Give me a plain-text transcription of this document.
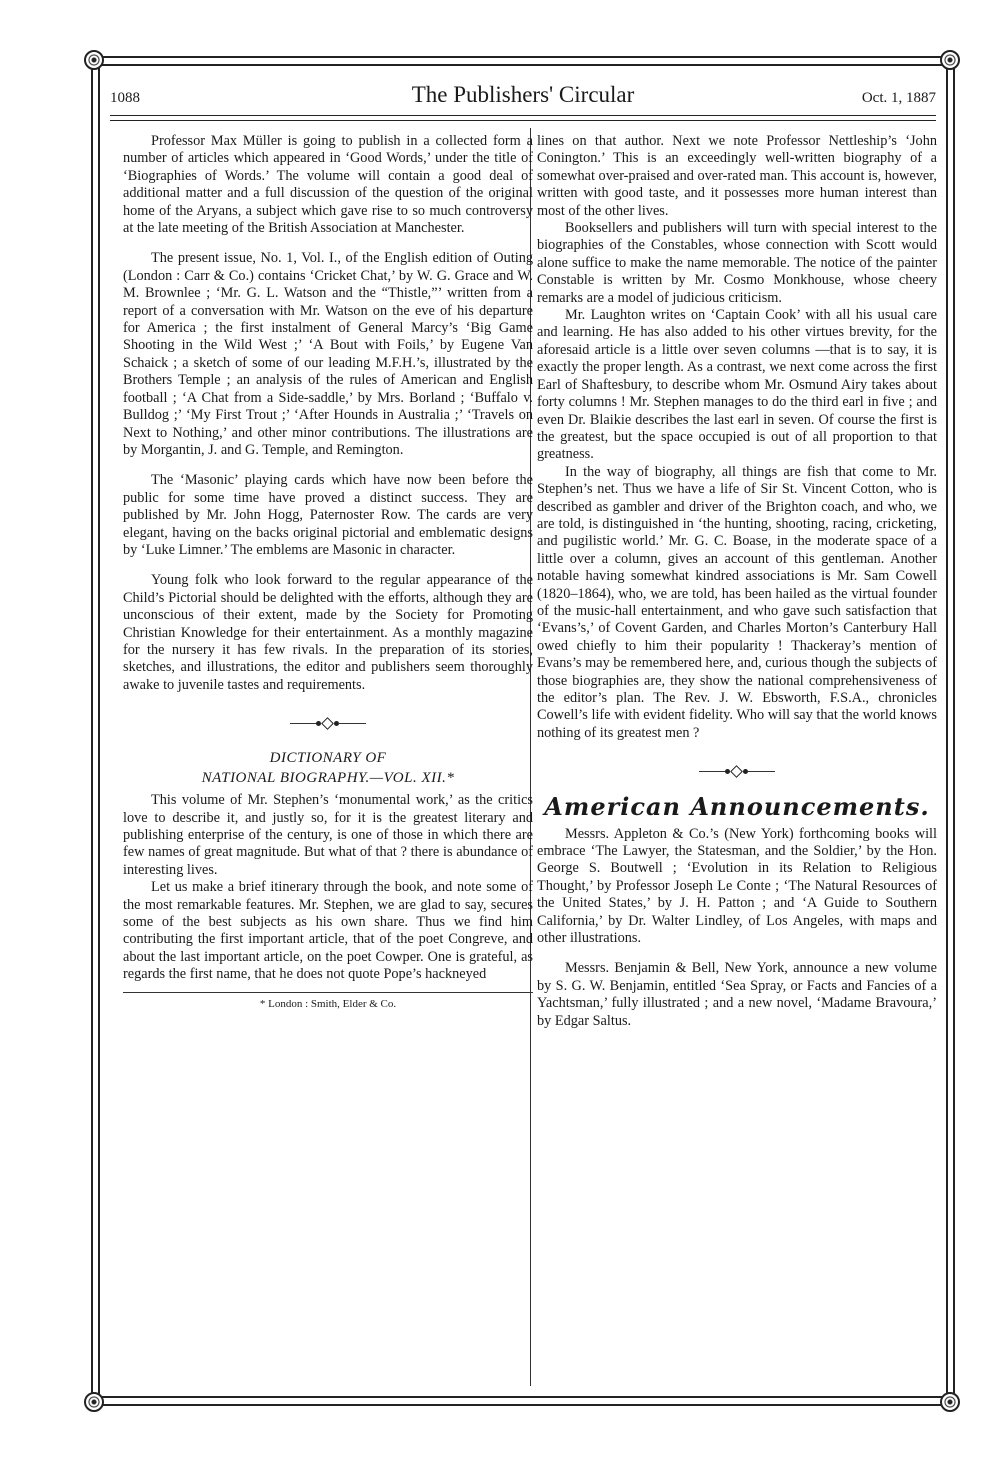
1088	The Publishers' Circular	Oct. 1, 1887

Professor Max Müller is going to publish in a collected form a number of articles which appeared in ‘Good Words,’ under the title of ‘Biographies of Words.’ The volume will contain a good deal of additional matter and a full discussion of the question of the original home of the Aryans, a subject which gave rise to so much controversy at the late meeting of the British Association at Manchester.

The present issue, No. 1, Vol. I., of the English edition of Outing (London : Carr & Co.) contains ‘Cricket Chat,’ by W. G. Grace and W. M. Brownlee ; ‘Mr. G. L. Watson and the “Thistle,”’ written from a report of a conversation with Mr. Watson on the eve of his departure for America ; the first instalment of General Marcy’s ‘Big Game Shooting in the Wild West ;’ ‘A Bout with Foils,’ by Eugene Van Schaick ; a sketch of some of our leading M.F.H.’s, illustrated by the Brothers Temple ; an analysis of the rules of American and English football ; ‘A Chat from a Side-saddle,’ by Mrs. Borland ; ‘Buffalo v. Bulldog ;’ ‘My First Trout ;’ ‘After Hounds in Australia ;’ ‘Travels on Next to Nothing,’ and other minor contributions. The illustrations are by Morgantin, J. and G. Temple, and Remington.

The ‘Masonic’ playing cards which have now been before the public for some time have proved a distinct success. They are published by Mr. John Hogg, Paternoster Row. The cards are very elegant, having on the backs original pictorial and emblematic designs by ‘Luke Limner.’ The emblems are Masonic in character.

Young folk who look forward to the regular appearance of the Child’s Pictorial should be delighted with the efforts, although they are unconscious of their extent, made by the Society for Promoting Christian Knowledge for their entertainment. As a monthly magazine for the nursery it has few rivals. In the preparation of its stories, sketches, and illustrations, the editor and publishers seem thoroughly awake to juvenile tastes and requirements.

DICTIONARY OF
NATIONAL BIOGRAPHY.—VOL. XII.*

This volume of Mr. Stephen’s ‘monumental work,’ as the critics love to describe it, and justly so, for it is the greatest literary and publishing enterprise of the century, is one of those in which there are few names of great magnitude. But what of that ? there is abundance of interesting lives.

Let us make a brief itinerary through the book, and note some of the most remarkable features. Mr. Stephen, we are glad to say, secures some of the best subjects as his own share. Thus we find him contributing the first important article, that of the poet Congreve, and about the last important article, on the poet Cowper. One is grateful, as regards the first name, that he does not quote Pope’s hackneyed

* London : Smith, Elder & Co.

lines on that author. Next we note Professor Nettleship’s ‘John Conington.’ This is an exceedingly well-written biography of a somewhat over-praised and over-rated man. This account is, however, written with good taste, and it possesses more human interest than most of the other lives.

Booksellers and publishers will turn with special interest to the biographies of the Constables, whose connection with Scott would alone suffice to make the name memorable. The notice of the painter Constable is written by Mr. Cosmo Monkhouse, whose cheery remarks are a model of judicious criticism.

Mr. Laughton writes on ‘Captain Cook’ with all his usual care and learning. He has also added to his other virtues brevity, for the aforesaid article is a little over seven columns —that is to say, it is exactly the proper length. As a contrast, we next come across the first Earl of Shaftesbury, to describe whom Mr. Osmund Airy takes about forty columns ! Mr. Stephen manages to do the third earl in five ; and even Dr. Blaikie describes the last earl in seven. Of course the first is the greatest, but the space occupied is out of all proportion to that greatness.

In the way of biography, all things are fish that come to Mr. Stephen’s net. Thus we have a life of Sir St. Vincent Cotton, who is described as gambler and driver of the Brighton coach, and who, we are told, is distinguished in ‘the hunting, shooting, racing, cricketing, and pugilistic world.’ Mr. G. C. Boase, in the moderate space of a little over a column, gives an account of this gentleman. Another notable having somewhat kindred associations is Mr. Sam Cowell (1820–1864), who, we are told, has been hailed as the virtual founder of the music-hall entertainment, and who gave such satisfaction that ‘Evans’s,’ of Covent Garden, and Charles Morton’s Canterbury Hall owed chiefly to him their popularity ! Thackeray’s mention of Evans’s may be remembered here, and, curious though the subjects of those biographies are, they show the national comprehensiveness of the editor’s plan. The Rev. J. W. Ebsworth, F.S.A., chronicles Cowell’s life with evident fidelity. Who will say that the world knows nothing of its greatest men ?

American Announcements.

Messrs. Appleton & Co.’s (New York) forthcoming books will embrace ‘The Lawyer, the Statesman, and the Soldier,’ by the Hon. George S. Boutwell ; ‘Evolution in its Relation to Religious Thought,’ by Professor Joseph Le Conte ; ‘The Natural Resources of the United States,’ by J. H. Patton ; and ‘A Guide to Southern California,’ by Dr. Walter Lindley, of Los Angeles, with maps and other illustrations.

Messrs. Benjamin & Bell, New York, announce a new volume by S. G. W. Benjamin, entitled ‘Sea Spray, or Facts and Fancies of a Yachtsman,’ fully illustrated ; and a new novel, ‘Madame Bravoura,’ by Edgar Saltus.
